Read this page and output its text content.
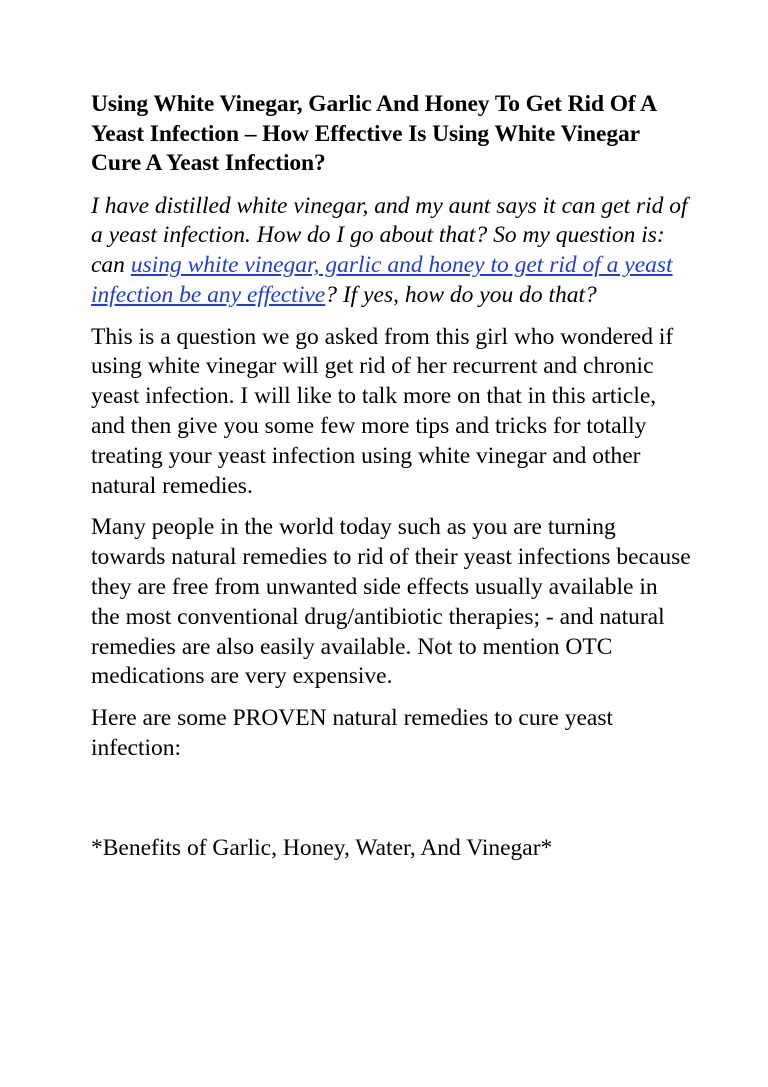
Using White Vinegar, Garlic And Honey To Get Rid Of A Yeast Infection – How Effective Is Using White Vinegar Cure A Yeast Infection?

I have distilled white vinegar, and my aunt says it can get rid of a yeast infection. How do I go about that? So my question is: can using white vinegar, garlic and honey to get rid of a yeast infection be any effective? If yes, how do you do that?

This is a question we go asked from this girl who wondered if using white vinegar will get rid of her recurrent and chronic yeast infection. I will like to talk more on that in this article, and then give you some few more tips and tricks for totally treating your yeast infection using white vinegar and other natural remedies.

Many people in the world today such as you are turning towards natural remedies to rid of their yeast infections because they are free from unwanted side effects usually available in the most conventional drug/antibiotic therapies; - and natural remedies are also easily available. Not to mention OTC medications are very expensive.

Here are some PROVEN natural remedies to cure yeast infection:

*Benefits of Garlic, Honey, Water, And Vinegar*
